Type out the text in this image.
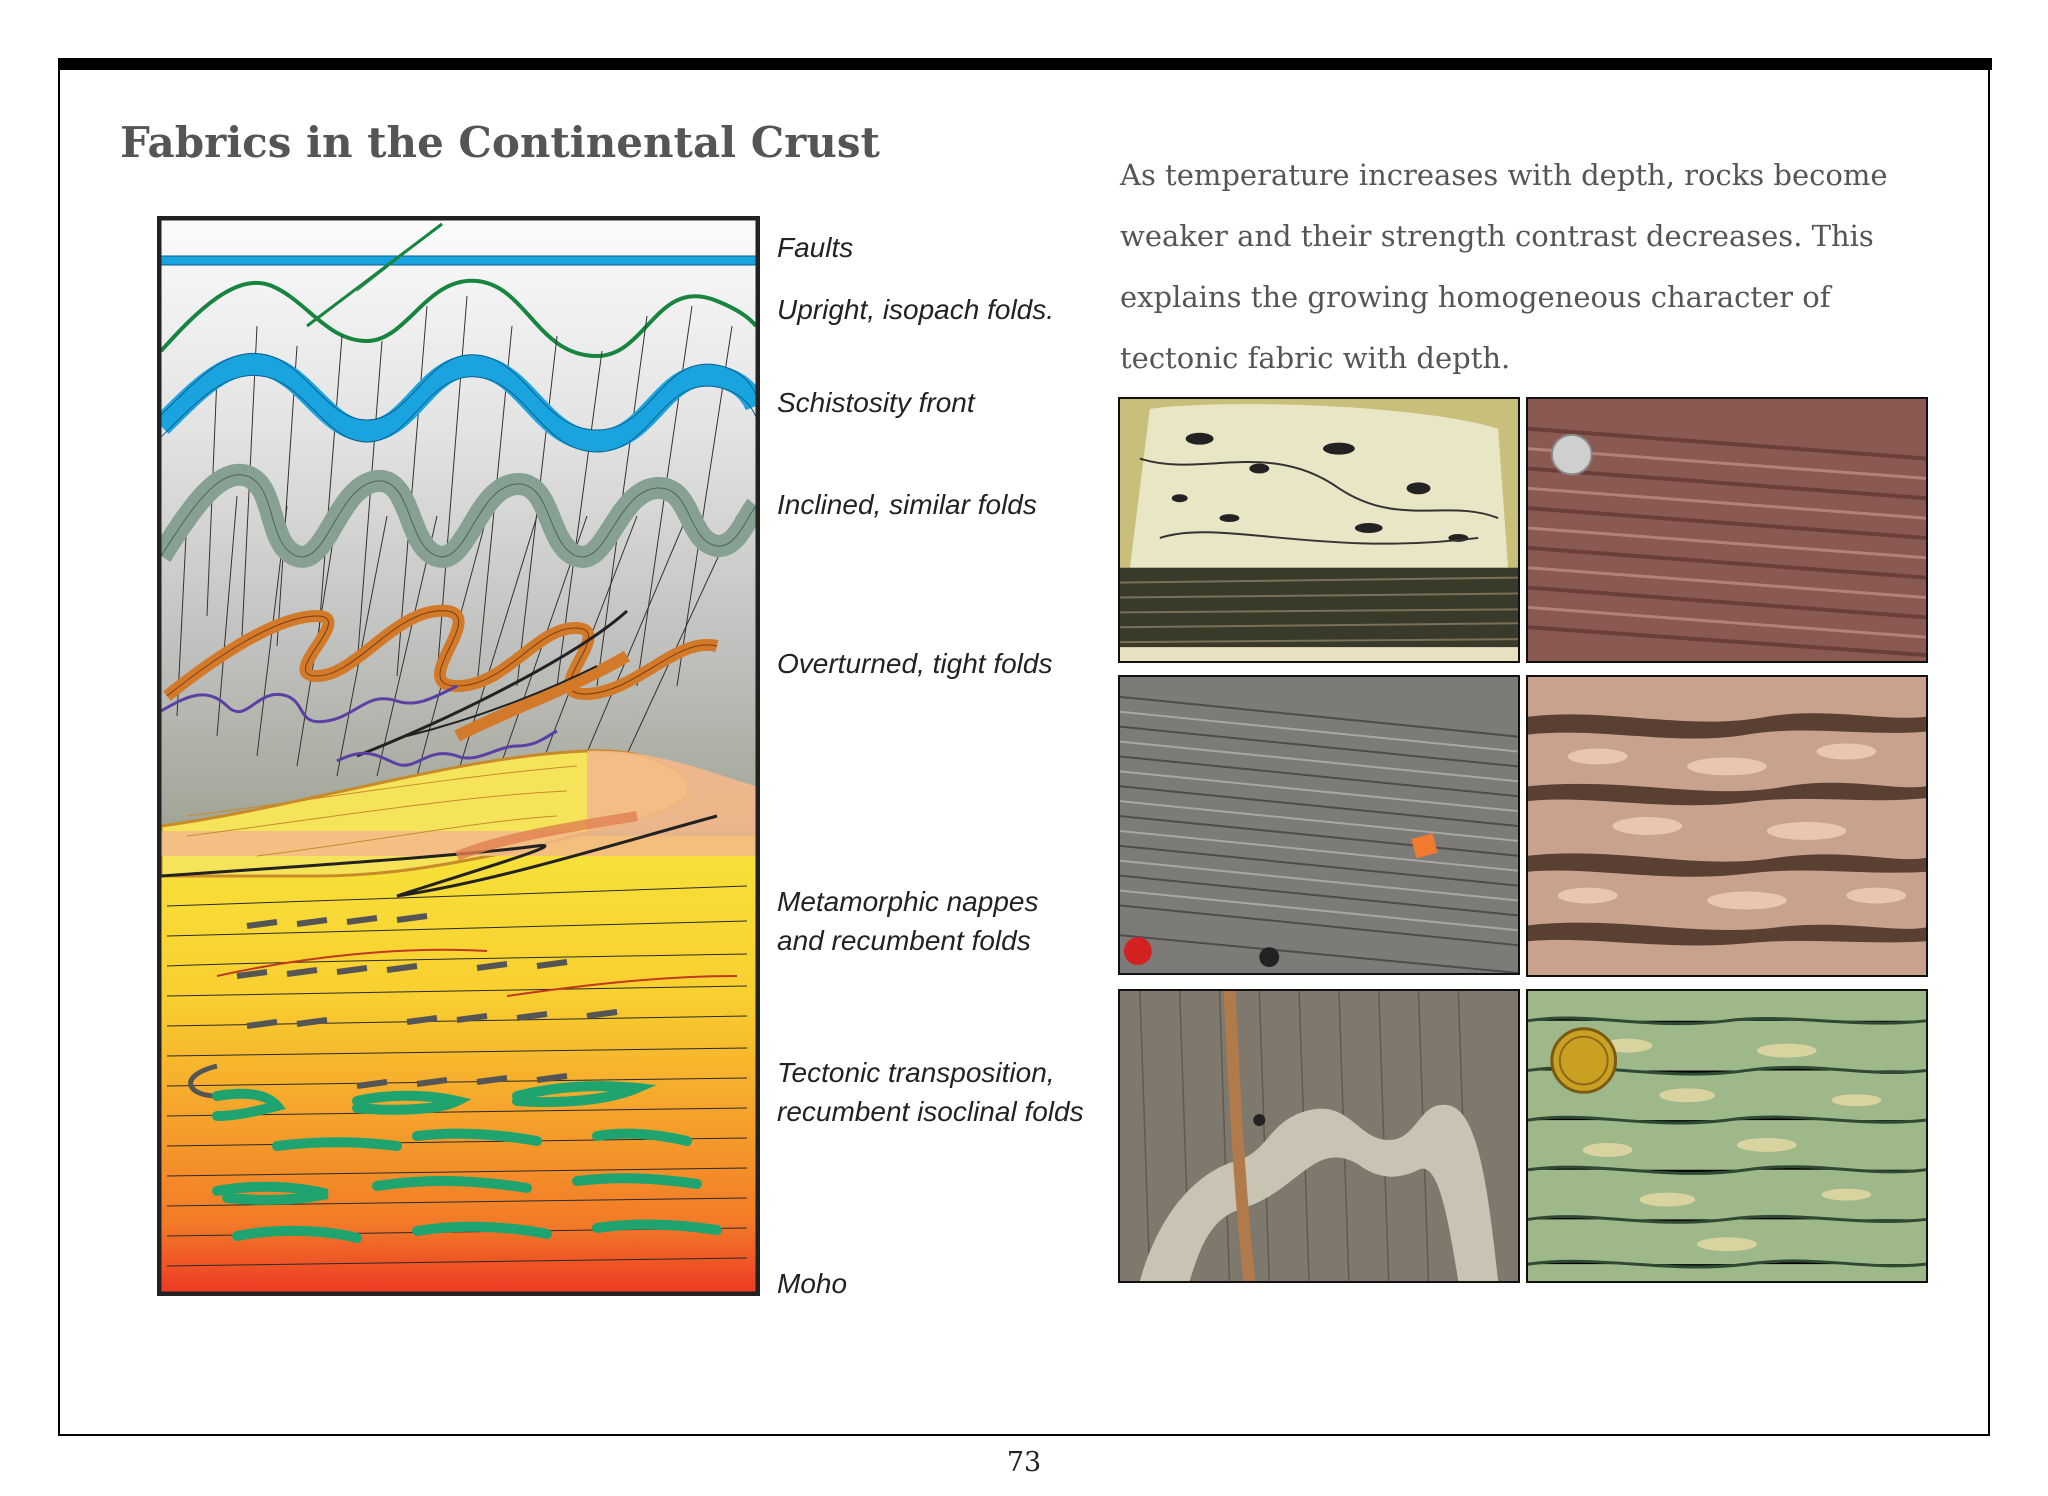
Fabrics in the Continental Crust

As temperature increases with depth, rocks become weaker and their strength contrast decreases. This explains the growing homogeneous character of tectonic fabric with depth.

Faults
Upright, isopach folds.
Schistosity front
Inclined, similar folds
Overturned, tight folds
Metamorphic nappes
and recumbent folds
Tectonic transposition,
recumbent isoclinal folds
Moho
73
